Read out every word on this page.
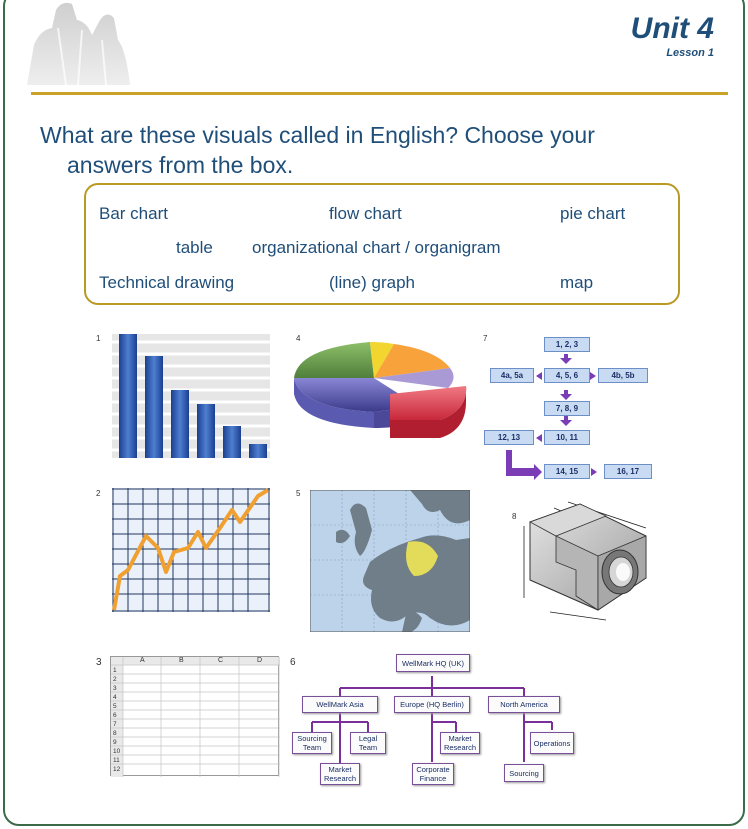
Unit 4
Lesson 1
What are these visuals called in English? Choose your
answers from the box.
Bar chart	flow chart	pie chart
table organizational chart / organigram
Technical drawing	(line) graph	map
1
2
3
4
5
6
7
8
A	B	C	D
1
2
3
4
5
6
7
8
9
10
11
12
1, 2, 3
4, 5, 6
4a, 5a	4b, 5b
7, 8, 9
10, 11
12, 13
14, 15	16, 17
WellMark HQ (UK)
WellMark Asia	Europe (HQ Berlin)	North America
Sourcing Team
Legal Team
Market Research
Market Research
Corporate Finance
Operations
Sourcing
